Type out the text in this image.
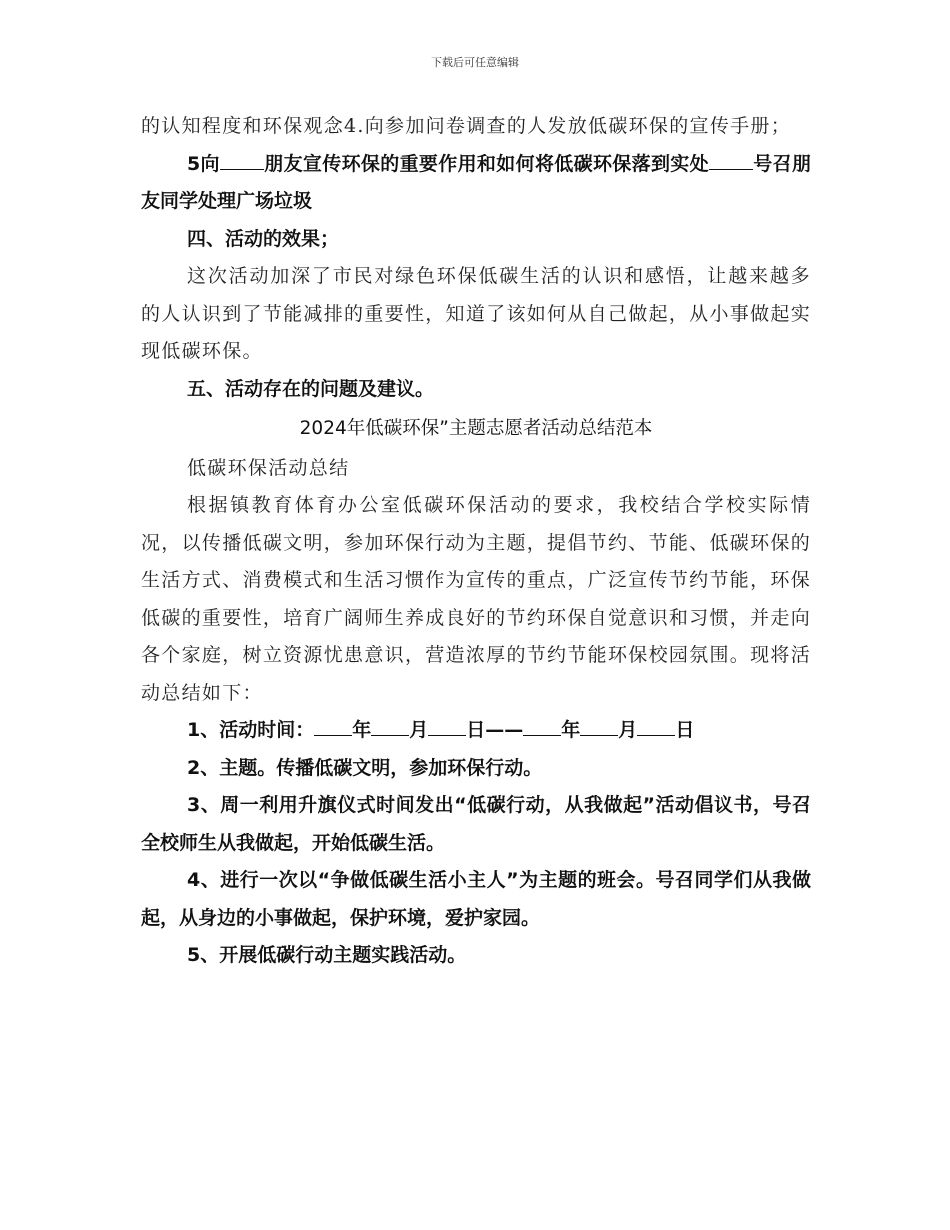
下载后可任意编辑

的认知程度和环保观念4.向参加问卷调查的人发放低碳环保的宣传手册；

5向 朋友宣传环保的重要作用和如何将低碳环保落到实处 号召朋友同学处理广场垃圾

四、活动的效果；

这次活动加深了市民对绿色环保低碳生活的认识和感悟，让越来越多的人认识到了节能减排的重要性，知道了该如何从自己做起，从小事做起实现低碳环保。

五、活动存在的问题及建议。

2024年低碳环保”主题志愿者活动总结范本

低碳环保活动总结

根据镇教育体育办公室低碳环保活动的要求，我校结合学校实际情况，以传播低碳文明，参加环保行动为主题，提倡节约、节能、低碳环保的生活方式、消费模式和生活习惯作为宣传的重点，广泛宣传节约节能，环保低碳的重要性，培育广阔师生养成良好的节约环保自觉意识和习惯，并走向各个家庭，树立资源忧患意识，营造浓厚的节约节能环保校园氛围。现将活动总结如下：

1、活动时间： 年 月 日—— 年 月 日

2、主题。传播低碳文明，参加环保行动。

3、周一利用升旗仪式时间发出“低碳行动，从我做起”活动倡议书，号召全校师生从我做起，开始低碳生活。

4、进行一次以“争做低碳生活小主人”为主题的班会。号召同学们从我做起，从身边的小事做起，保护环境，爱护家园。

5、开展低碳行动主题实践活动。
